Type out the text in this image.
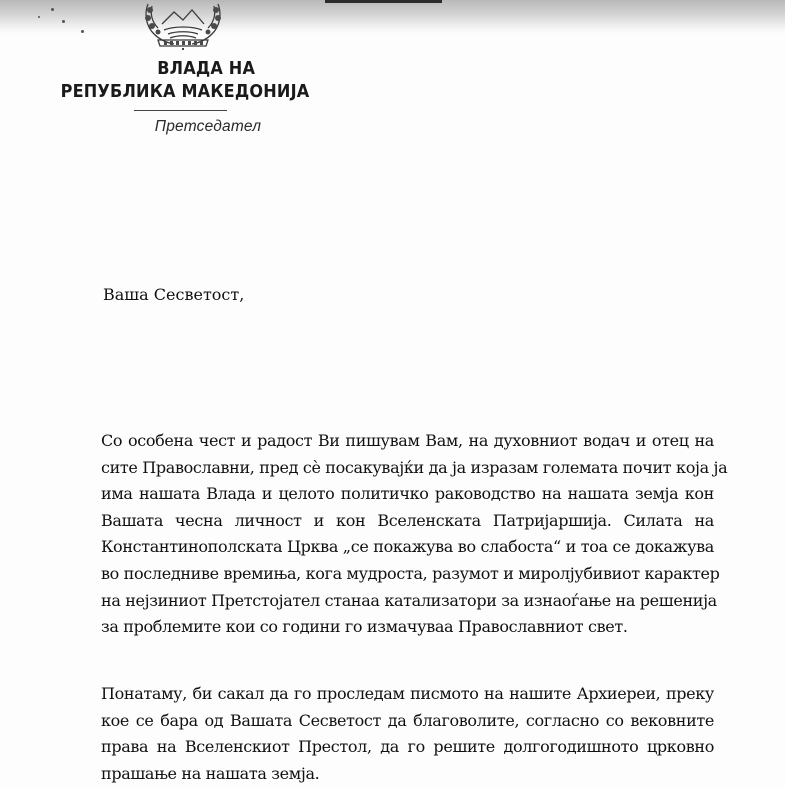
ВЛАДА НА
РЕПУБЛИКА МАКЕДОНИЈА
Претседател
Ваша Сесветост,
Со особена чест и радост Ви пишувам Вам, на духовниот водач и отец на
сите Православни, пред сè посакувајќи да ја изразам големата почит која ја
има нашата Влада и целото политичко раководство на нашата земја кон
Вашата чесна личност и кон Вселенската Патријаршија. Силата на
Константинополската Црква „се покажува во слабоста“ и тоа се докажува
во последниве времиња, кога мудроста, разумот и миролјубивиот карактер
на нејзиниот Претстојател станаа катализатори за изнаоѓање на решенија
за проблемите кои со години го измачуваа Православниот свет.
Понатаму, би сакал да го проследам писмото на нашите Архиереи, преку
кое се бара од Вашата Сесветост да благоволите, согласно со вековните
права на Вселенскиот Престол, да го решите долгогодишното црковно
прашање на нашата земја.
